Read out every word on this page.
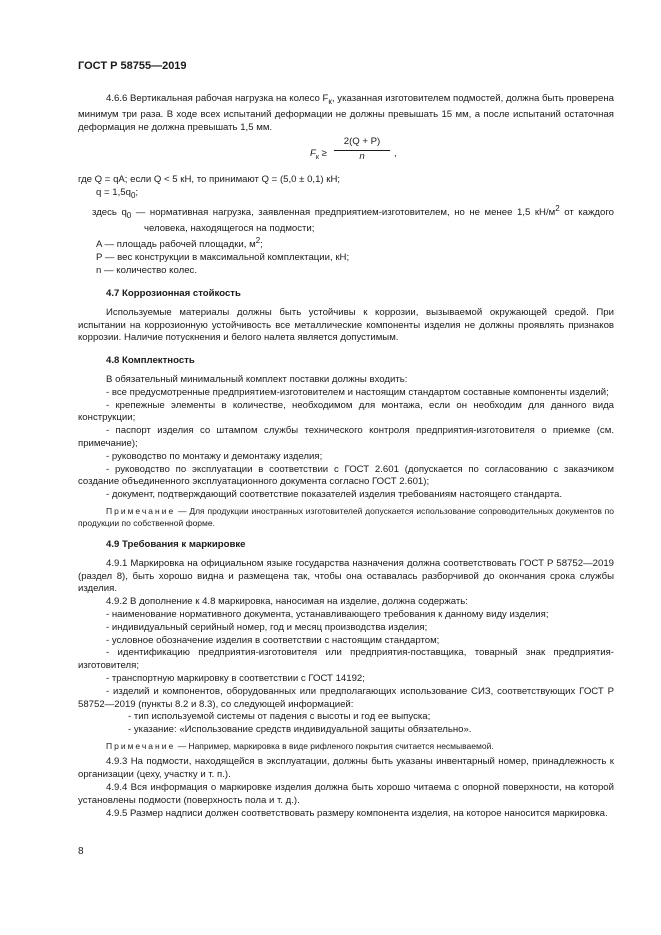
ГОСТ Р 58755—2019

4.6.6 Вертикальная рабочая нагрузка на колесо $F_к$, указанная изготовителем подмостей, должна быть проверена минимум три раза. В ходе всех испытаний деформации не должны превышать 15 мм, а после испытаний остаточная деформация не должна превышать 1,5 мм.

$F_к \ge \frac{2(Q + P)}{n}$ ,

где Q = qA; если Q < 5 кН, то принимают Q = (5,0 ± 0,1) кН;

$q = 1,5q_0$;

здесь $q_0$ — нормативная нагрузка, заявленная предприятием-изготовителем, но не менее 1,5 $кН/м^2$ от каждого человека, находящегося на подмости;

A — площадь рабочей площадки, $м^2$;

P — вес конструкции в максимальной комплектации, кН;

n — количество колес.

4.7 Коррозионная стойкость

Используемые материалы должны быть устойчивы к коррозии, вызываемой окружающей средой. При испытании на коррозионную устойчивость все металлические компоненты изделия не должны проявлять признаков коррозии. Наличие потускнения и белого налета является допустимым.

4.8 Комплектность

В обязательный минимальный комплект поставки должны входить:

- все предусмотренные предприятием-изготовителем и настоящим стандартом составные компоненты изделий;

- крепежные элементы в количестве, необходимом для монтажа, если он необходим для данного вида конструкции;

- паспорт изделия со штампом службы технического контроля предприятия-изготовителя о приемке (см. примечание);

- руководство по монтажу и демонтажу изделия;

- руководство по эксплуатации в соответствии с ГОСТ 2.601 (допускается по согласованию с заказчиком создание объединенного эксплуатационного документа согласно ГОСТ 2.601);

- документ, подтверждающий соответствие показателей изделия требованиям настоящего стандарта.

Примечание — Для продукции иностранных изготовителей допускается использование сопроводительных документов по продукции по собственной форме.

4.9 Требования к маркировке

4.9.1 Маркировка на официальном языке государства назначения должна соответствовать ГОСТ Р 58752—2019 (раздел 8), быть хорошо видна и размещена так, чтобы она оставалась разборчивой до окончания срока службы изделия.

4.9.2 В дополнение к 4.8 маркировка, наносимая на изделие, должна содержать:

- наименование нормативного документа, устанавливающего требования к данному виду изделия;

- индивидуальный серийный номер, год и месяц производства изделия;

- условное обозначение изделия в соответствии с настоящим стандартом;

- идентификацию предприятия-изготовителя или предприятия-поставщика, товарный знак предприятия-изготовителя;

- транспортную маркировку в соответствии с ГОСТ 14192;

- изделий и компонентов, оборудованных или предполагающих использование СИЗ, соответствующих ГОСТ Р 58752—2019 (пункты 8.2 и 8.3), со следующей информацией:

- тип используемой системы от падения с высоты и год ее выпуска;

- указание: «Использование средств индивидуальной защиты обязательно».

Примечание — Например, маркировка в виде рифленого покрытия считается несмываемой.

4.9.3 На подмости, находящейся в эксплуатации, должны быть указаны инвентарный номер, принадлежность к организации (цеху, участку и т. п.).

4.9.4 Вся информация о маркировке изделия должна быть хорошо читаема с опорной поверхности, на которой установлены подмости (поверхность пола и т. д.).

4.9.5 Размер надписи должен соответствовать размеру компонента изделия, на которое наносится маркировка.

8
